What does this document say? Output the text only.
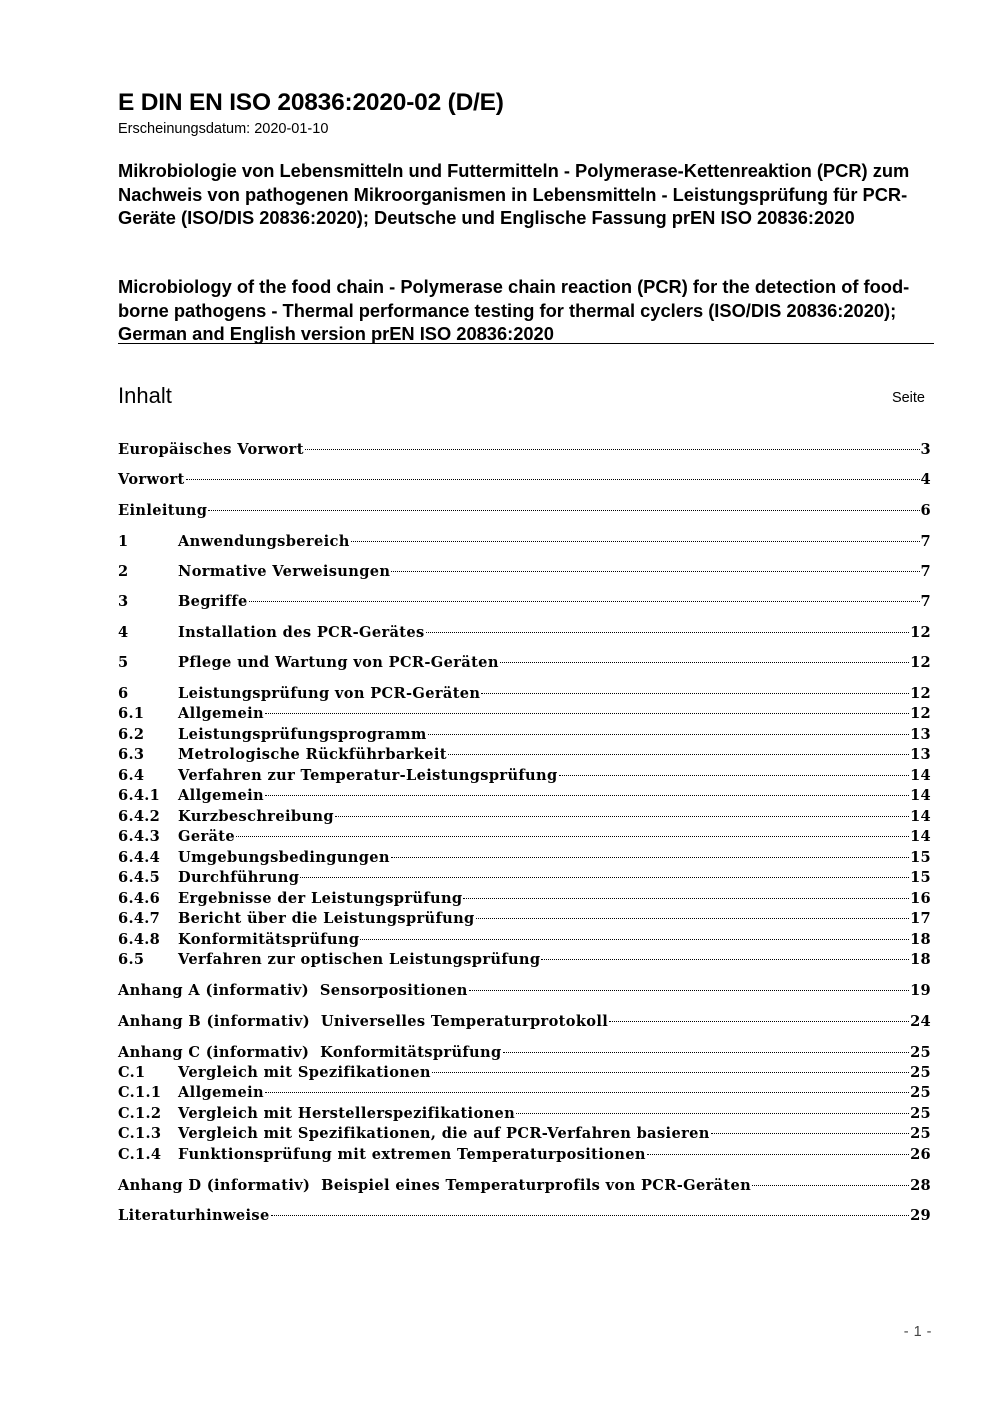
E DIN EN ISO 20836:2020-02 (D/E)
Erscheinungsdatum: 2020-01-10
Mikrobiologie von Lebensmitteln und Futtermitteln - Polymerase-Kettenreaktion (PCR) zum Nachweis von pathogenen Mikroorganismen in Lebensmitteln - Leistungsprüfung für PCR-Geräte (ISO/DIS 20836:2020); Deutsche und Englische Fassung prEN ISO 20836:2020
Microbiology of the food chain - Polymerase chain reaction (PCR) for the detection of food-borne pathogens - Thermal performance testing for thermal cyclers (ISO/DIS 20836:2020); German and English version prEN ISO 20836:2020
Inhalt	Seite
Europäisches Vorwort	3
Vorwort	4
Einleitung	6
1	Anwendungsbereich	7
2	Normative Verweisungen	7
3	Begriffe	7
4	Installation des PCR-Gerätes	12
5	Pflege und Wartung von PCR-Geräten	12
6	Leistungsprüfung von PCR-Geräten	12
6.1 Allgemein	12
6.2 Leistungsprüfungsprogramm	13
6.3 Metrologische Rückführbarkeit	13
6.4 Verfahren zur Temperatur-Leistungsprüfung	14
6.4.1 Allgemein	14
6.4.2 Kurzbeschreibung	14
6.4.3 Geräte	14
6.4.4 Umgebungsbedingungen	15
6.4.5 Durchführung	15
6.4.6 Ergebnisse der Leistungsprüfung	16
6.4.7 Bericht über die Leistungsprüfung	17
6.4.8 Konformitätsprüfung	18
6.5 Verfahren zur optischen Leistungsprüfung	18
Anhang A (informativ)  Sensorpositionen	19
Anhang B (informativ)  Universelles Temperaturprotokoll	24
Anhang C (informativ)  Konformitätsprüfung	25
C.1 Vergleich mit Spezifikationen	25
C.1.1 Allgemein	25
C.1.2 Vergleich mit Herstellerspezifikationen	25
C.1.3 Vergleich mit Spezifikationen, die auf PCR-Verfahren basieren	25
C.1.4 Funktionsprüfung mit extremen Temperaturpositionen	26
Anhang D (informativ)  Beispiel eines Temperaturprofils von PCR-Geräten	28
Literaturhinweise	29
- 1 -
